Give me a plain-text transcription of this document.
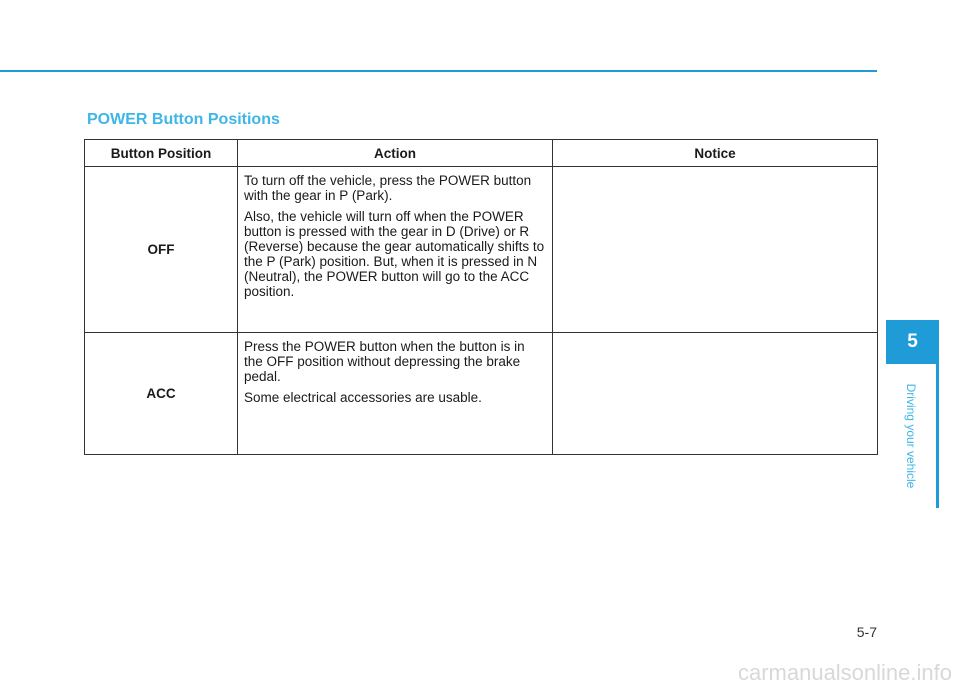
POWER Button Positions
Button Position	Action	Notice
OFF	To turn off the vehicle, press the POWER button with the gear in P (Park).

Also, the vehicle will turn off when the POWER button is pressed with the gear in D (Drive) or R (Reverse) because the gear automatically shifts to the P (Park) position. But, when it is pressed in N (Neutral), the POWER button will go to the ACC position.	

ACC	Press the POWER button when the button is in the OFF position without depressing the brake pedal.

Some electrical accessories are usable.	

5
Driving your vehicle
5-7
carmanualsonline.info
